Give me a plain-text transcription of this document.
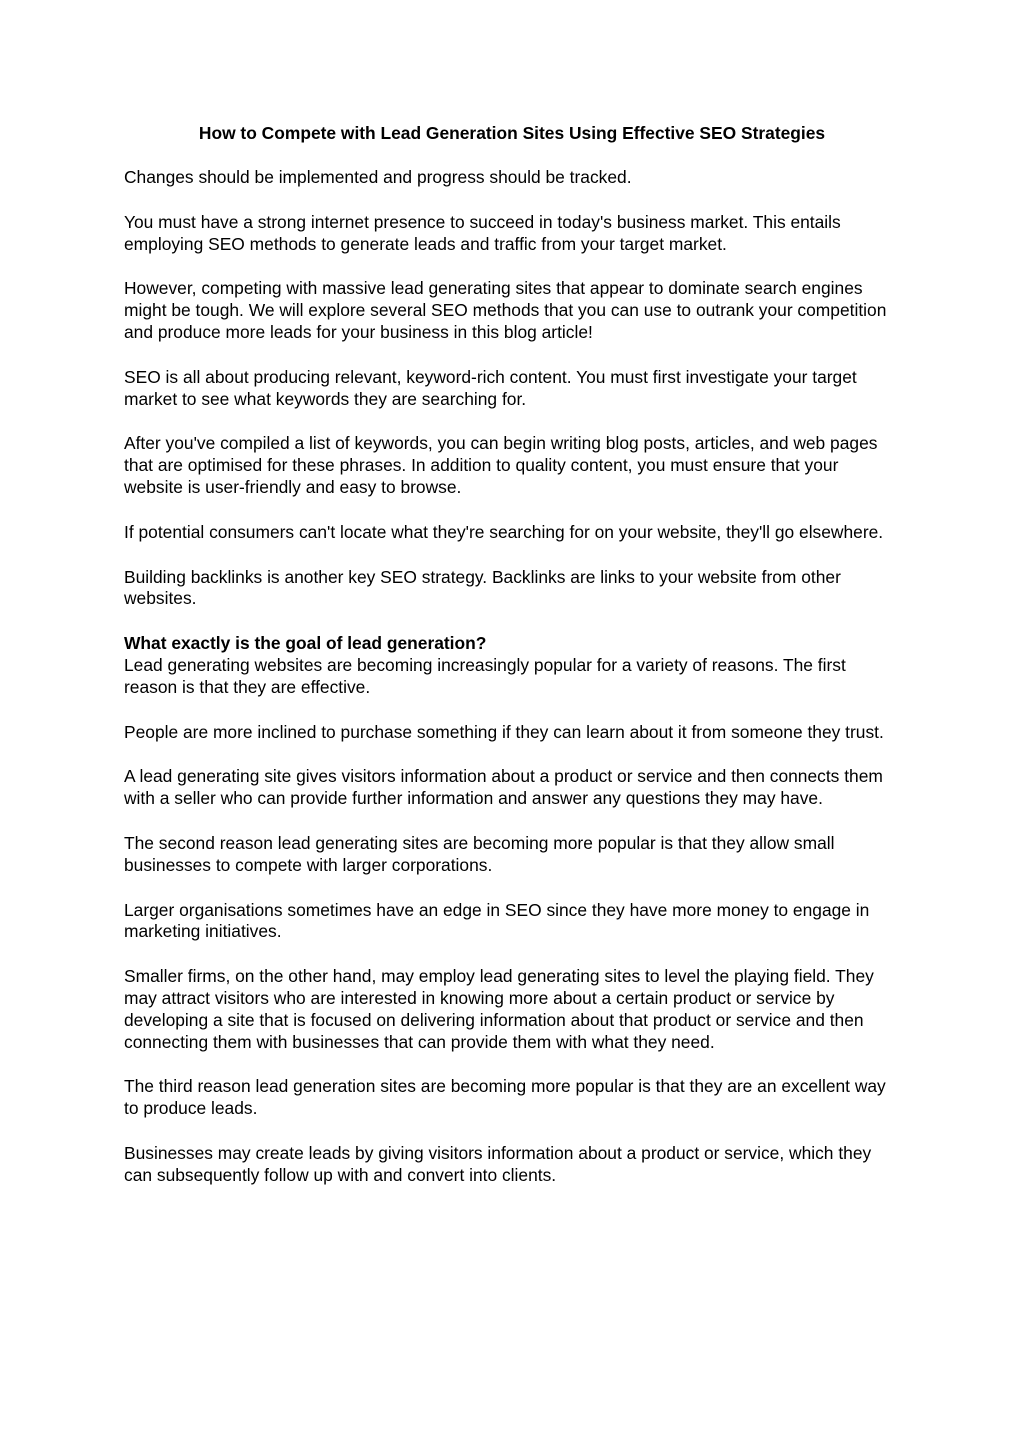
How to Compete with Lead Generation Sites Using Effective SEO Strategies

Changes should be implemented and progress should be tracked.

You must have a strong internet presence to succeed in today's business market. This entails employing SEO methods to generate leads and traffic from your target market.

However, competing with massive lead generating sites that appear to dominate search engines might be tough. We will explore several SEO methods that you can use to outrank your competition and produce more leads for your business in this blog article!

SEO is all about producing relevant, keyword-rich content. You must first investigate your target market to see what keywords they are searching for.

After you've compiled a list of keywords, you can begin writing blog posts, articles, and web pages that are optimised for these phrases. In addition to quality content, you must ensure that your website is user-friendly and easy to browse.

If potential consumers can't locate what they're searching for on your website, they'll go elsewhere.

Building backlinks is another key SEO strategy. Backlinks are links to your website from other websites.

What exactly is the goal of lead generation?

Lead generating websites are becoming increasingly popular for a variety of reasons. The first reason is that they are effective.

People are more inclined to purchase something if they can learn about it from someone they trust.

A lead generating site gives visitors information about a product or service and then connects them with a seller who can provide further information and answer any questions they may have.

The second reason lead generating sites are becoming more popular is that they allow small businesses to compete with larger corporations.

Larger organisations sometimes have an edge in SEO since they have more money to engage in marketing initiatives.

Smaller firms, on the other hand, may employ lead generating sites to level the playing field. They may attract visitors who are interested in knowing more about a certain product or service by developing a site that is focused on delivering information about that product or service and then connecting them with businesses that can provide them with what they need.

The third reason lead generation sites are becoming more popular is that they are an excellent way to produce leads.

Businesses may create leads by giving visitors information about a product or service, which they can subsequently follow up with and convert into clients.
